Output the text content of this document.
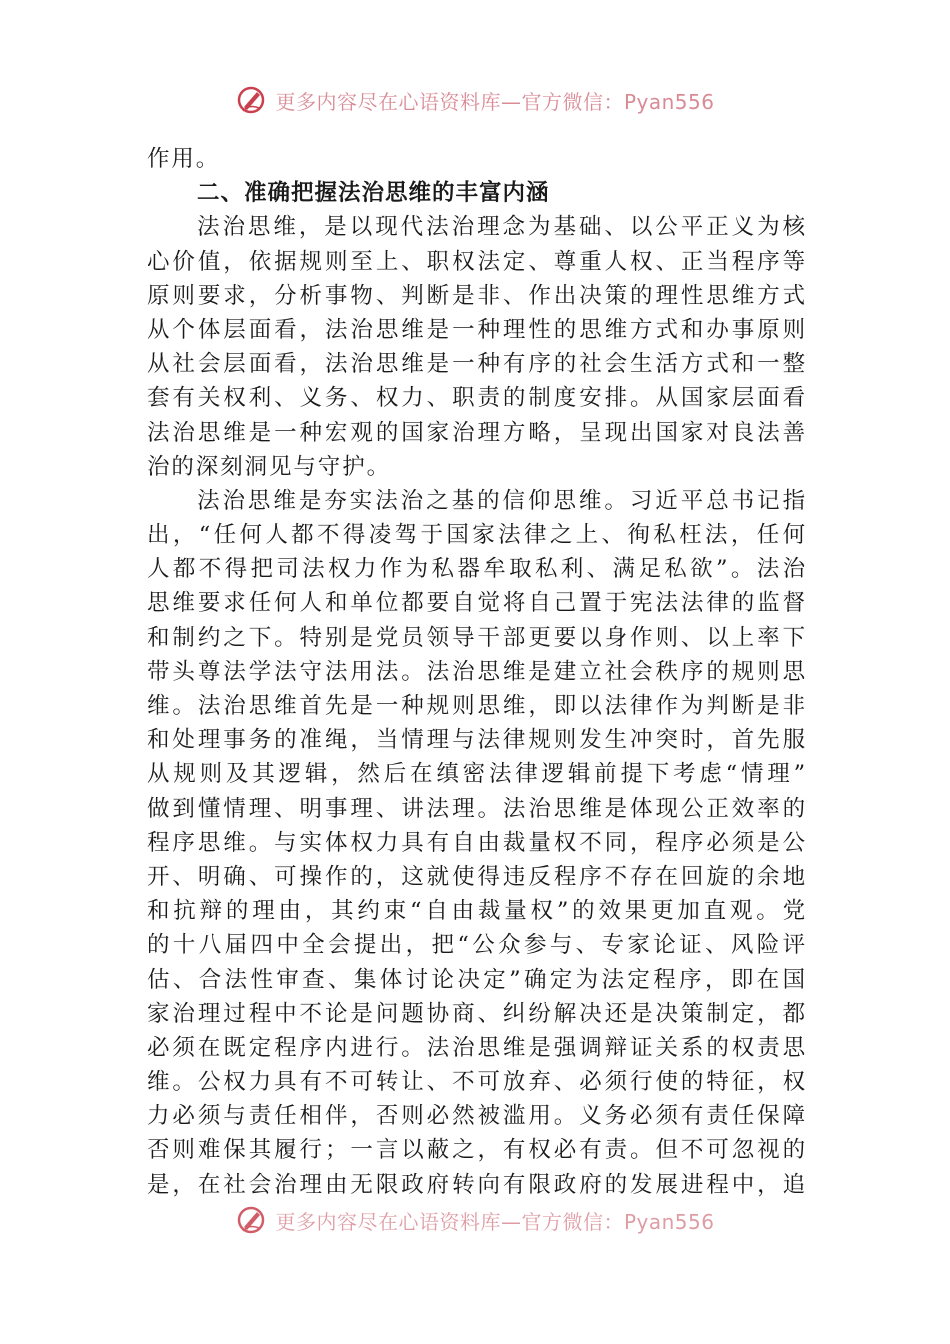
更多内容尽在心语资料库—官方微信：Pyan556
作用。
二、准确把握法治思维的丰富内涵
法治思维，是以现代法治理念为基础、以公平正义为核
心价值，依据规则至上、职权法定、尊重人权、正当程序等
原则要求，分析事物、判断是非、作出决策的理性思维方式
从个体层面看，法治思维是一种理性的思维方式和办事原则
从社会层面看，法治思维是一种有序的社会生活方式和一整
套有关权利、义务、权力、职责的制度安排。从国家层面看
法治思维是一种宏观的国家治理方略，呈现出国家对良法善
治的深刻洞见与守护。
法治思维是夯实法治之基的信仰思维。习近平总书记指
出，“任何人都不得凌驾于国家法律之上、徇私枉法，任何
人都不得把司法权力作为私器牟取私利、满足私欲”。法治
思维要求任何人和单位都要自觉将自己置于宪法法律的监督
和制约之下。特别是党员领导干部更要以身作则、以上率下
带头尊法学法守法用法。法治思维是建立社会秩序的规则思
维。法治思维首先是一种规则思维，即以法律作为判断是非
和处理事务的准绳，当情理与法律规则发生冲突时，首先服
从规则及其逻辑，然后在缜密法律逻辑前提下考虑“情理”
做到懂情理、明事理、讲法理。法治思维是体现公正效率的
程序思维。与实体权力具有自由裁量权不同，程序必须是公
开、明确、可操作的，这就使得违反程序不存在回旋的余地
和抗辩的理由，其约束“自由裁量权”的效果更加直观。党
的十八届四中全会提出，把“公众参与、专家论证、风险评
估、合法性审查、集体讨论决定”确定为法定程序，即在国
家治理过程中不论是问题协商、纠纷解决还是决策制定，都
必须在既定程序内进行。法治思维是强调辩证关系的权责思
维。公权力具有不可转让、不可放弃、必须行使的特征，权
力必须与责任相伴，否则必然被滥用。义务必须有责任保障
否则难保其履行；一言以蔽之，有权必有责。但不可忽视的
是，在社会治理由无限政府转向有限政府的发展进程中，追
更多内容尽在心语资料库—官方微信：Pyan556
